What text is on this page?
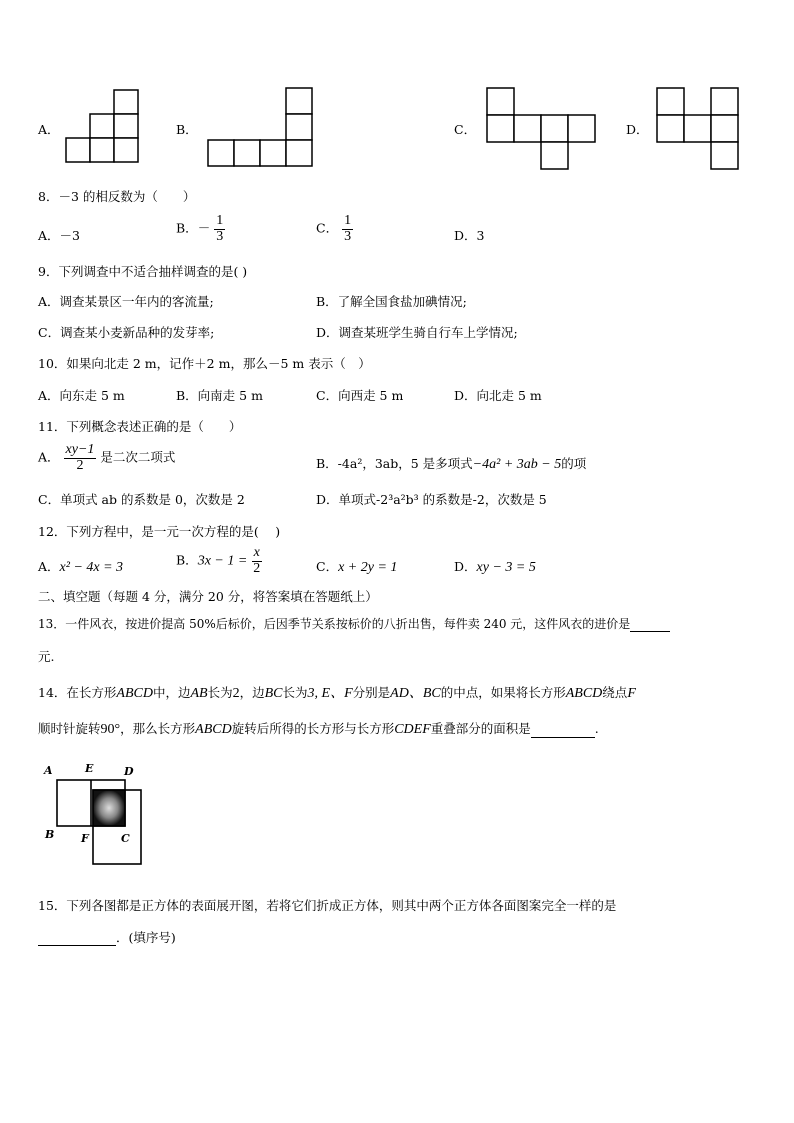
A．	B．	C．	D．
8．－3 的相反数为（　　）
A．－3	B．－ $\frac{1}{3}$	C． $\frac{1}{3}$	D．3
9．下列调查中不适合抽样调查的是( )
A．调查某景区一年内的客流量;	B．了解全国食盐加碘情况;
C．调查某小麦新品种的发芽率;	D．调查某班学生骑自行车上学情况;
10．如果向北走 2 m，记作＋2 m，那么－5 m 表示（　）
A．向东走 5 m	B．向南走 5 m	C．向西走 5 m	D．向北走 5 m
11．下列概念表述正确的是（　　）
A． $\frac{xy-1}{2}$ 是二次二项式	B．-4a²，3ab，5 是多项式−4a² + 3ab − 5的项
C．单项式 ab 的系数是 0，次数是 2	D．单项式-2³a²b³ 的系数是-2，次数是 5
12．下列方程中，是一元一次方程的是(　 )
A．x² − 4x = 3	B．$3x - 1 = \frac{x}{2}$	C．x + 2y = 1	D．xy − 3 = 5
二、填空题（每题 4 分，满分 20 分，将答案填在答题纸上）
13．一件风衣，按进价提高 50%后标价，后因季节关系按标价的八折出售，每件卖 240 元，这件风衣的进价是
元.
14．在长方形ABCD中，边AB长为2，边BC长为3, E、F分别是AD、BC的中点，如果将长方形ABCD绕点F
顺时针旋转90°，那么长方形ABCD旋转后所得的长方形与长方形CDEF重叠部分的面积是	.
A	E	D
B F	C
15．下列各图都是正方体的表面展开图，若将它们折成正方体，则其中两个正方体各面图案完全一样的是
．(填序号)
